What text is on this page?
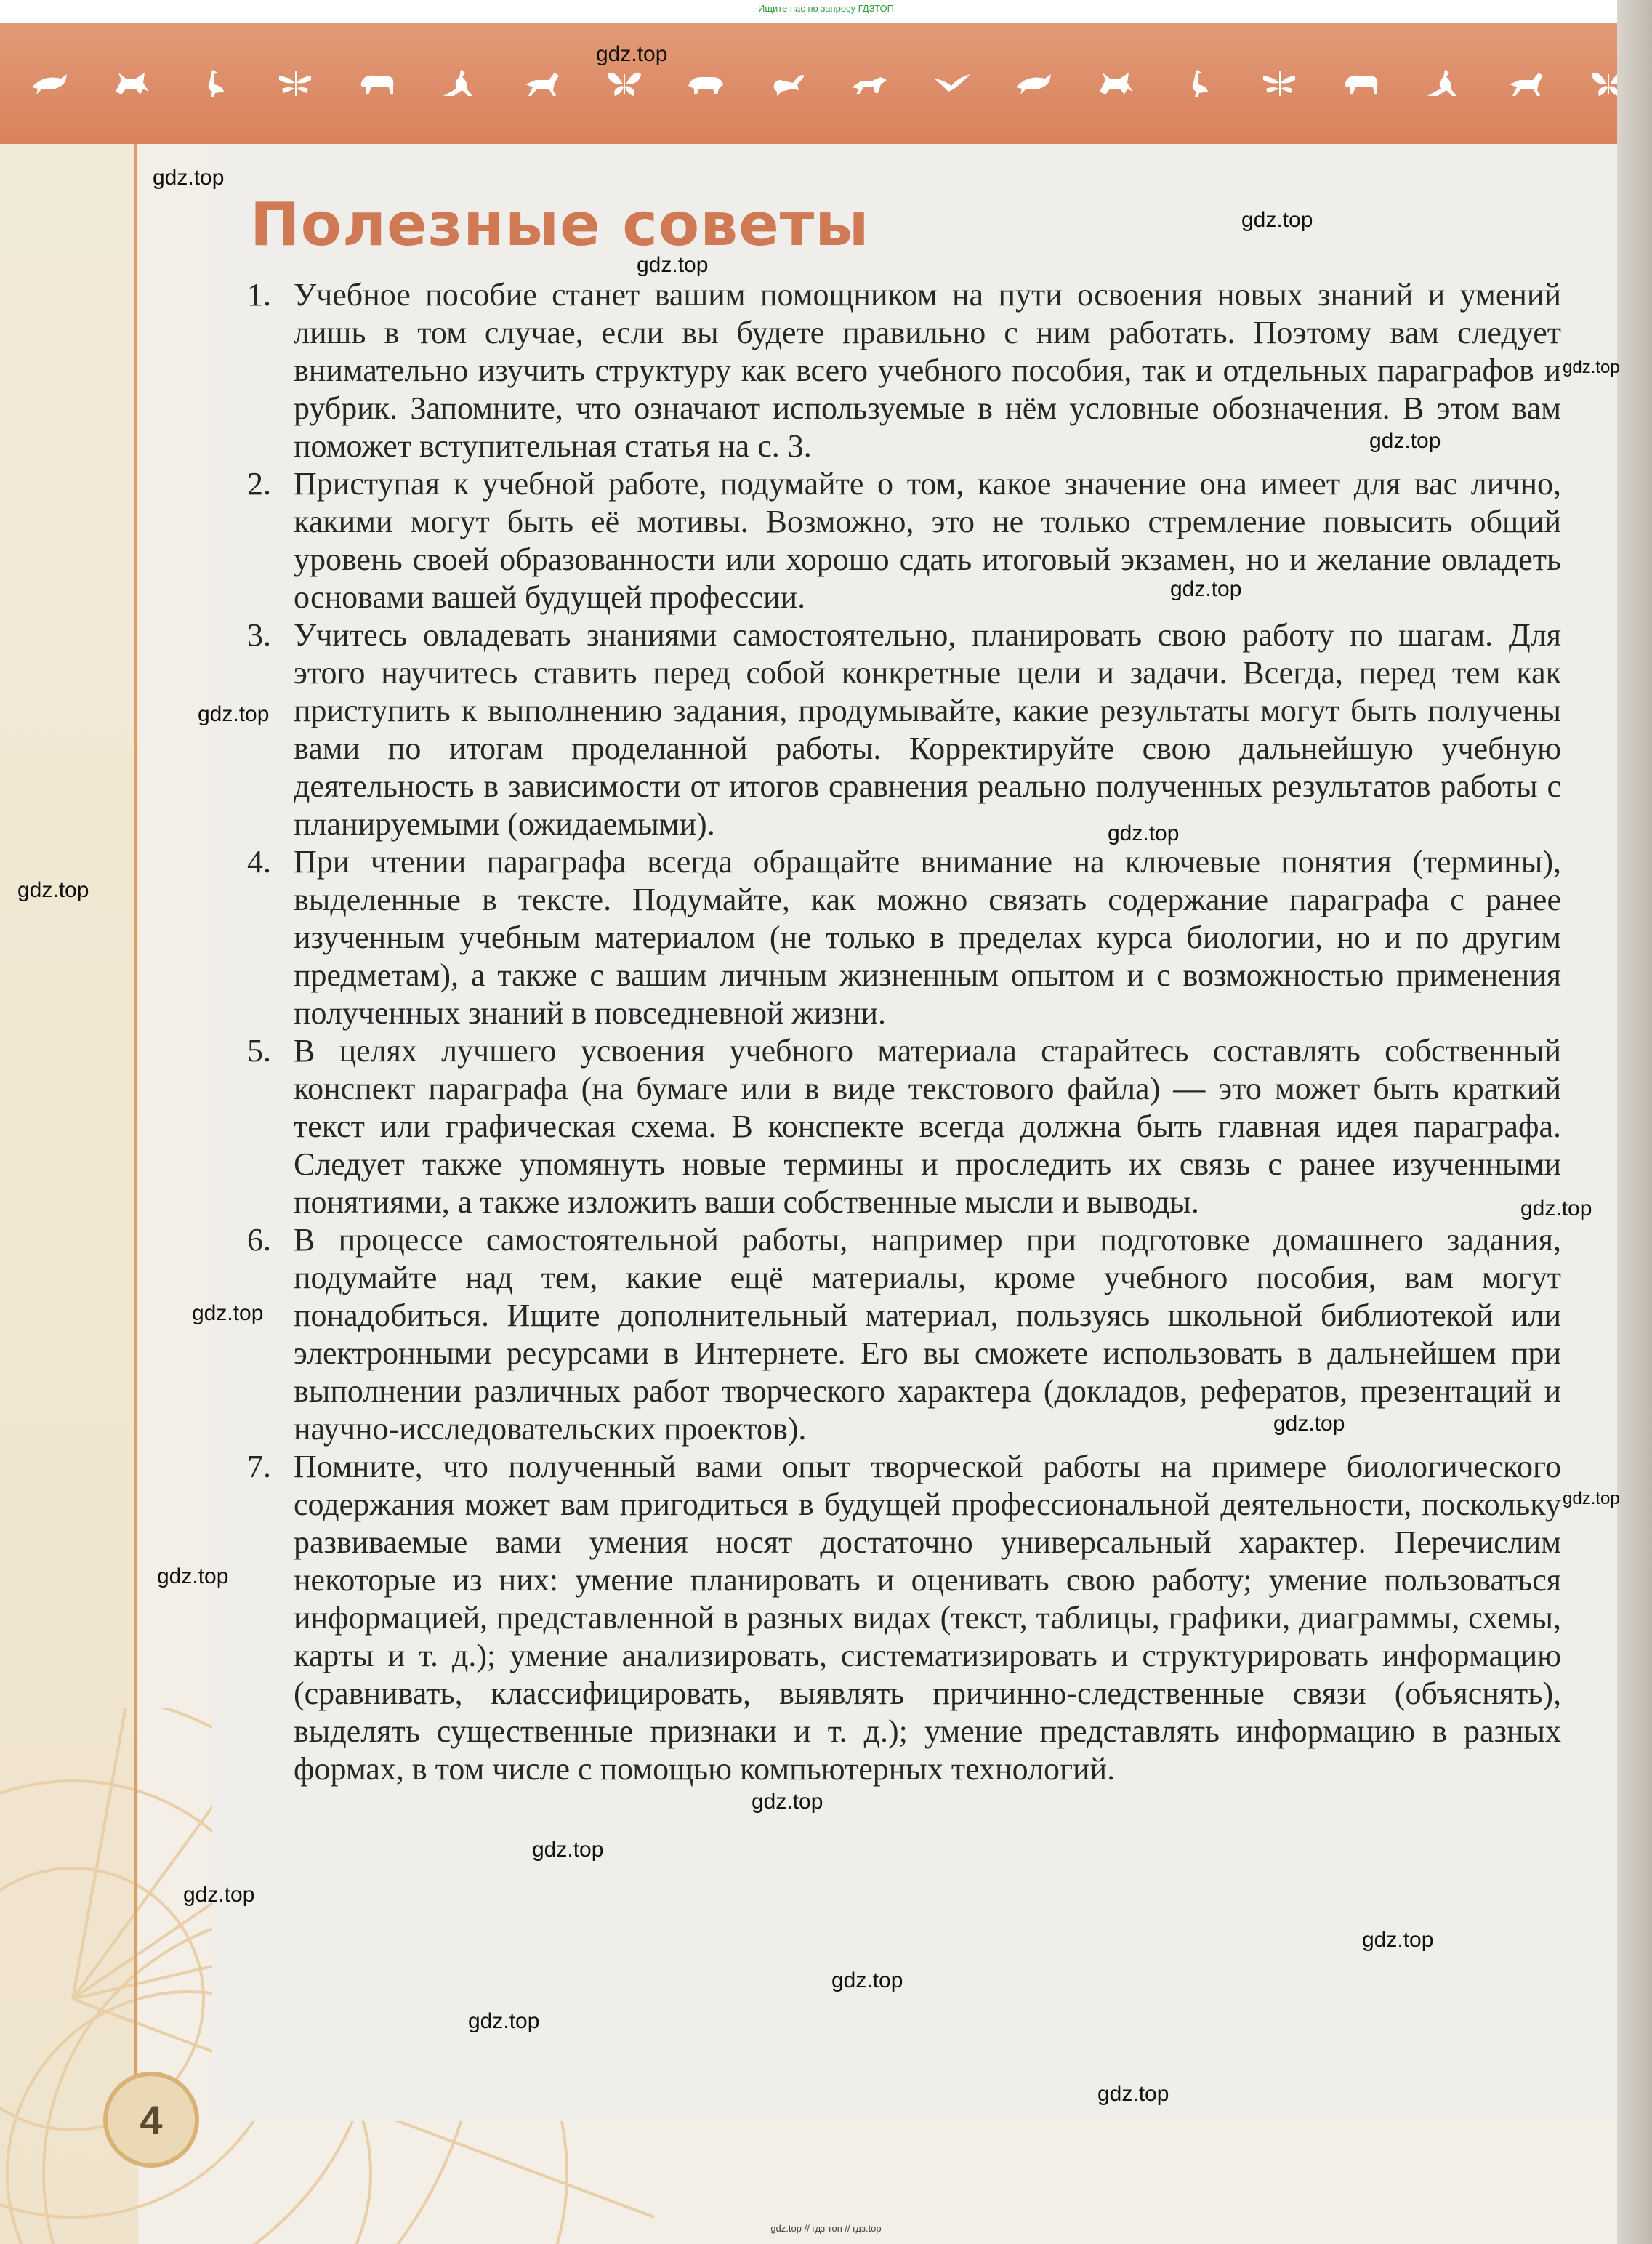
Ищите нас по запросу ГДЗТОП
4
Полезные советы
1. Учебное пособие станет вашим помощником на пути освоения новых знаний и умений лишь в том случае, если вы будете правильно с ним работать. Поэтому вам следует внимательно изучить структуру как всего учебного пособия, так и отдельных параграфов и рубрик. Запомните, что означают используемые в нём условные обозначения. В этом вам поможет вступительная статья на с. 3.
2. Приступая к учебной работе, подумайте о том, какое значение она имеет для вас лично, какими могут быть её мотивы. Возможно, это не только стремление повысить общий уровень своей образованности или хорошо сдать итоговый экзамен, но и желание овладеть основами вашей будущей профессии.
3. Учитесь овладевать знаниями самостоятельно, планировать свою работу по шагам. Для этого научитесь ставить перед собой конкретные цели и задачи. Всегда, перед тем как приступить к выполнению задания, продумывайте, какие результаты могут быть получены вами по итогам проделанной работы. Корректируйте свою дальнейшую учебную деятельность в зависимости от итогов сравнения реально полученных результатов работы с планируемыми (ожидаемыми).
4. При чтении параграфа всегда обращайте внимание на ключевые понятия (термины), выделенные в тексте. Подумайте, как можно связать содержание параграфа с ранее изученным учебным материалом (не только в пределах курса биологии, но и по другим предметам), а также с вашим личным жизненным опытом и с возможностью применения полученных знаний в повседневной жизни.
5. В целях лучшего усвоения учебного материала старайтесь составлять собственный конспект параграфа (на бумаге или в виде текстового файла) — это может быть краткий текст или графическая схема. В конспекте всегда должна быть главная идея параграфа. Следует также упомянуть новые термины и проследить их связь с ранее изученными понятиями, а также изложить ваши собственные мысли и выводы.
6. В процессе самостоятельной работы, например при подготовке домашнего задания, подумайте над тем, какие ещё материалы, кроме учебного пособия, вам могут понадобиться. Ищите дополнительный материал, пользуясь школьной библиотекой или электронными ресурсами в Интернете. Его вы сможете использовать в дальнейшем при выполнении различных работ творческого характера (докладов, рефератов, презентаций и научно-исследовательских проектов).
7. Помните, что полученный вами опыт творческой работы на примере биологического содержания может вам пригодиться в будущей профессиональной деятельности, поскольку развиваемые вами умения носят достаточно универсальный характер. Перечислим некоторые из них: умение планировать и оценивать свою работу; умение пользоваться информацией, представленной в разных видах (текст, таблицы, графики, диаграммы, схемы, карты и т. д.); умение анализировать, систематизировать и структурировать информацию (сравнивать, классифицировать, выявлять причинно-следственные связи (объяснять), выделять существенные признаки и т. д.); умение представлять информацию в разных формах, в том числе с помощью компьютерных технологий.
gdz.top
gdz.top
gdz.top
gdz.top
gdz.top
gdz.top
gdz.top
gdz.top
gdz.top
gdz.top
gdz.top
gdz.top
gdz.top
gdz.top
gdz.top
gdz.top
gdz.top
gdz.top
gdz.top
gdz.top
gdz.top
gdz.top
gdz.top // гдз топ // гдз.top
